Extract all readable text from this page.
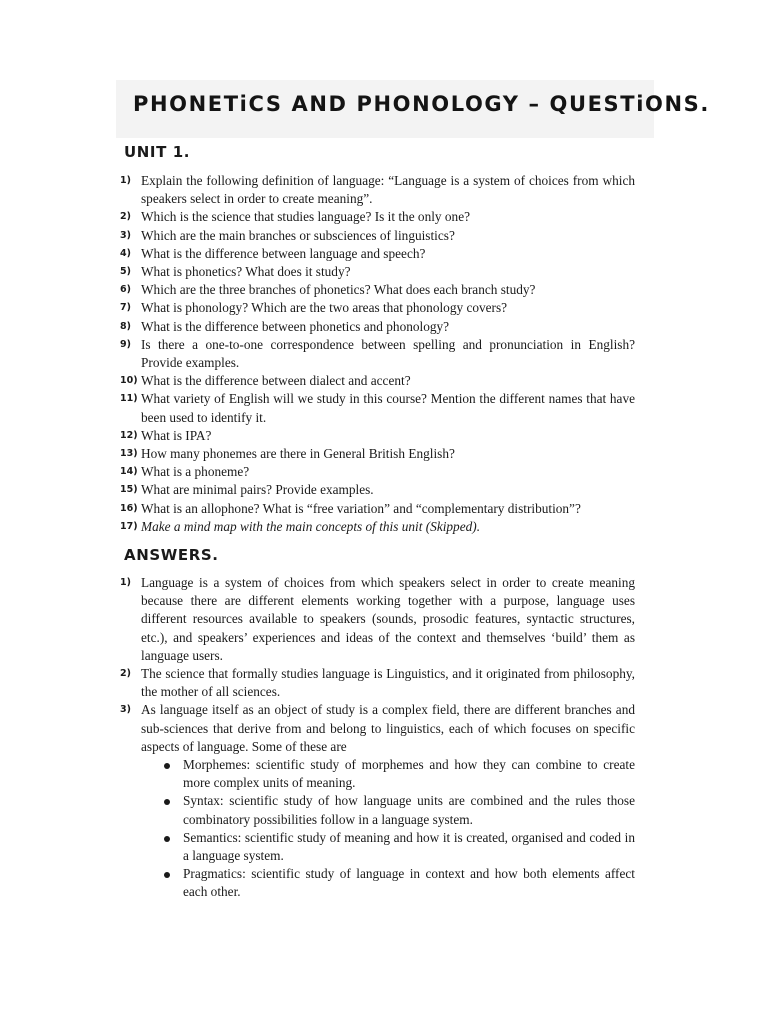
PHONETiCS AND PHONOLOGY – QUESTiONS.
UNIT 1.
1) Explain the following definition of language: “Language is a system of choices from which speakers select in order to create meaning”.
2) Which is the science that studies language? Is it the only one?
3) Which are the main branches or subsciences of linguistics?
4) What is the difference between language and speech?
5) What is phonetics? What does it study?
6) Which are the three branches of phonetics? What does each branch study?
7) What is phonology? Which are the two areas that phonology covers?
8) What is the difference between phonetics and phonology?
9) Is there a one-to-one correspondence between spelling and pronunciation in English? Provide examples.
10) What is the difference between dialect and accent?
11) What variety of English will we study in this course? Mention the different names that have been used to identify it.
12) What is IPA?
13) How many phonemes are there in General British English?
14) What is a phoneme?
15) What are minimal pairs? Provide examples.
16) What is an allophone? What is “free variation” and “complementary distribution”?
17) Make a mind map with the main concepts of this unit (Skipped).
ANSWERS.
1) Language is a system of choices from which speakers select in order to create meaning because there are different elements working together with a purpose, language uses different resources available to speakers (sounds, prosodic features, syntactic structures, etc.), and speakers’ experiences and ideas of the context and themselves ‘build’ them as language users.
2) The science that formally studies language is Linguistics, and it originated from philosophy, the mother of all sciences.
3) As language itself as an object of study is a complex field, there are different branches and sub-sciences that derive from and belong to linguistics, each of which focuses on specific aspects of language. Some of these are
Morphemes: scientific study of morphemes and how they can combine to create more complex units of meaning.
Syntax: scientific study of how language units are combined and the rules those combinatory possibilities follow in a language system.
Semantics: scientific study of meaning and how it is created, organised and coded in a language system.
Pragmatics: scientific study of language in context and how both elements affect each other.
